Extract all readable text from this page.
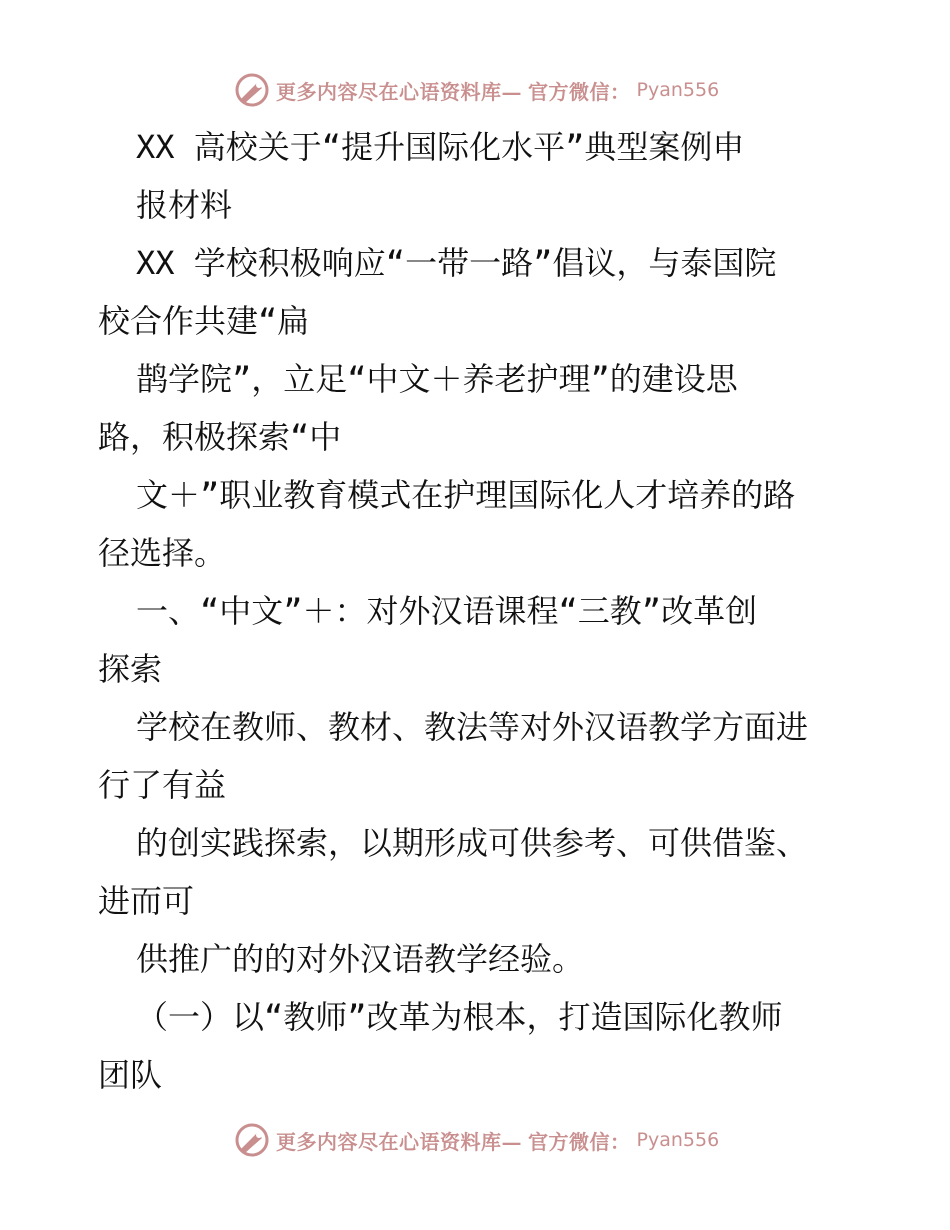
更多内容尽在心语资料库— 官方微信： Pyan556

XX 高校关于“提升国际化水平”典型案例申

报材料

XX 学校积极响应“一带一路”倡议，与泰国院

校合作共建“扁

鹊学院”，立足“中文＋养老护理”的建设思

路，积极探索“中

文＋”职业教育模式在护理国际化人才培养的路

径选择。

一、“中文”＋：对外汉语课程“三教”改革创

探索

学校在教师、教材、教法等对外汉语教学方面进

行了有益

的创实践探索，以期形成可供参考、可供借鉴、

进而可

供推广的的对外汉语教学经验。

（一）以“教师”改革为根本，打造国际化教师

团队

更多内容尽在心语资料库— 官方微信： Pyan556
